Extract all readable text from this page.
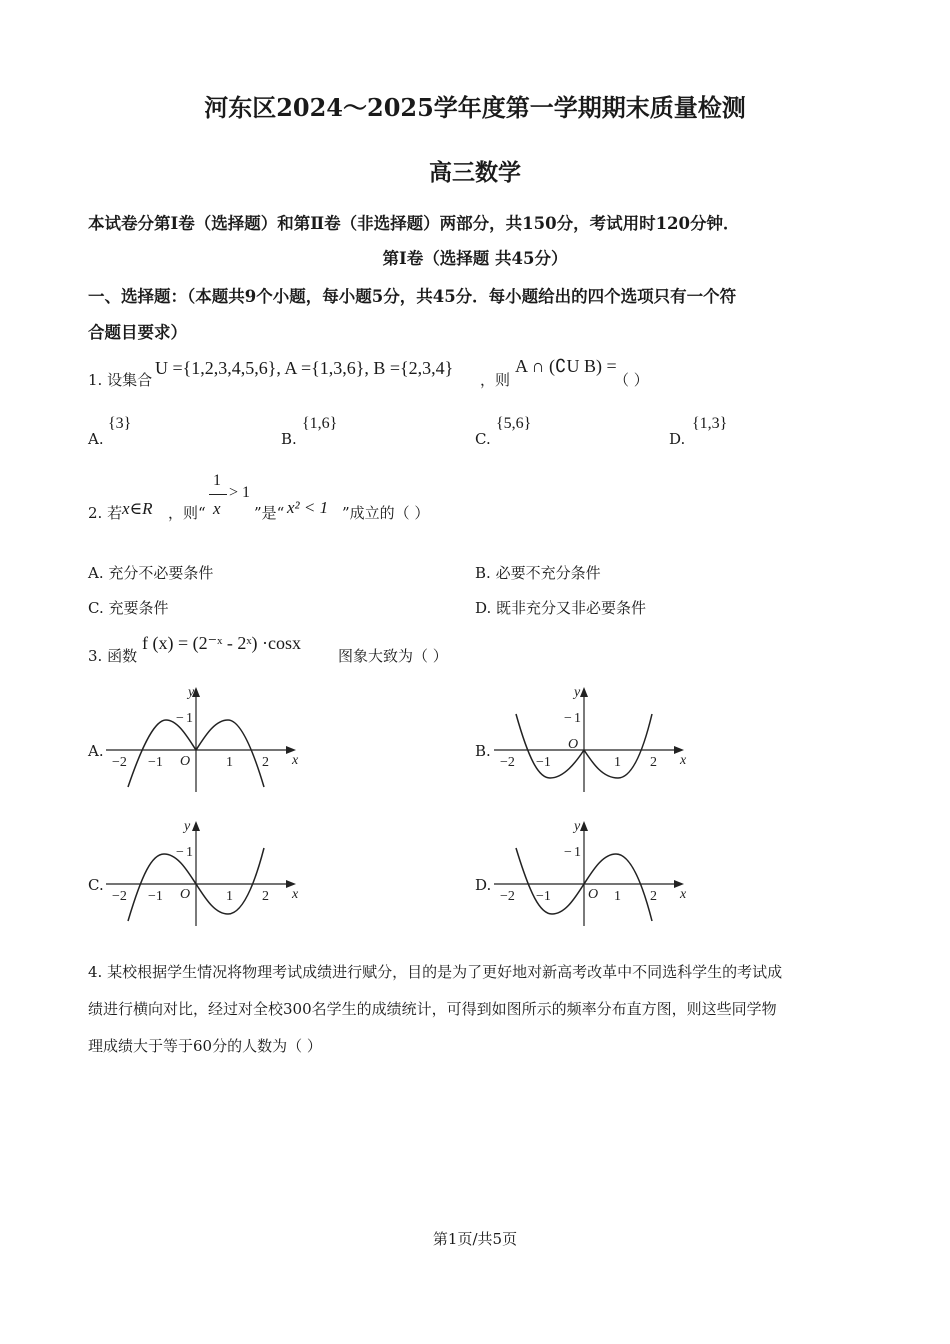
河东区2024～2025学年度第一学期期末质量检测
高三数学
本试卷分第Ⅰ卷（选择题）和第Ⅱ卷（非选择题）两部分，共150分，考试用时120分钟．
第Ⅰ卷（选择题 共45分）
一、选择题：（本题共9个小题，每小题5分，共45分．每小题给出的四个选项只有一个符
合题目要求）
1. 设集合
U ={1,2,3,4,5,6}, A ={1,3,6}, B ={2,3,4}
，则
A ∩ (∁U B) =
（ ）
A.
{3}
B.
{1,6}
C.
{5,6}
D.
{1,3}
2. 若 x∈R ，则“
1
x
> 1
”是“ x² < 1 ”成立的（ ）
A. 充分不必要条件	B. 必要不充分条件
C. 充要条件	D. 既非充分又非必要条件
3. 函数
f (x) = (2⁻ˣ - 2ˣ) ·cosx
图象大致为（ ）
A.	B.
C.	D.
y
x
O
− 1
−2 −1	1 2
y
x
O
− 1
−2 −1	1 2
y
x
O
− 1
−2 −1	1 2
y
x
O
− 1
−2 −1	1 2
4. 某校根据学生情况将物理考试成绩进行赋分，目的是为了更好地对新高考改革中不同选科学生的考试成
绩进行横向对比，经过对全校300名学生的成绩统计，可得到如图所示的频率分布直方图，则这些同学物
理成绩大于等于60分的人数为（ ）
第1页/共5页
